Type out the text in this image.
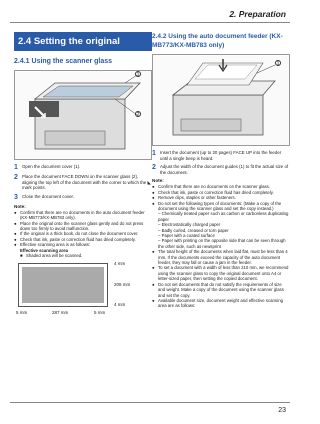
2. Preparation
2.4 Setting the original
2.4.1 Using the scanner glass
1
2
1 Open the document cover (1).
2 Place the document FACE DOWN on the scanner glass (2), aligning the top left of the document with the corner to which the ◣ mark points.
3 Close the document cover.
Note:
● Confirm that there are no documents in the auto document feeder (KX-MB773/KX-MB783 only).
● Place the original onto the scanner glass gently and do not press down too firmly to avoid malfunction.
● If the original is a thick book, do not close the document cover.
● Check that ink, paste or correction fluid has dried completely.
● Effective scanning area is as follows:
Effective scanning area
■ Shaded area will be scanned.
4 mm
208 mm
4 mm
5 mm	287 mm	5 mm
2.4.2 Using the auto document feeder (KX-MB773/KX-MB783 only)
1
1 Insert the document (up to 20 pages) FACE UP into the feeder until a single beep is heard.
2 Adjust the width of the document guides (1) to fit the actual size of the document.
Note:
● Confirm that there are no documents on the scanner glass.
● Check that ink, paste or correction fluid has dried completely.
● Remove clips, staples or other fasteners.
● Do not set the following types of documents: (Make a copy of the document using the scanner glass and set the copy instead.)
– Chemically treated paper such as carbon or carbonless duplicating paper
– Electrostatically charged paper
– Badly curled, creased or torn paper
– Paper with a coated surface
– Paper with printing on the opposite side that can be seen through the other side, such as newsprint
● The total height of the documents when laid flat, must be less than 4 mm. If the documents exceed the capacity of the auto document feeder, they may fall or cause a jam in the feeder.
● To set a document with a width of less than 210 mm, we recommend using the scanner glass to copy the original document onto A4 or letter-sized paper, then setting the copied document.
● Do not set documents that do not satisfy the requirements of size and weight. Make a copy of the document using the scanner glass and set the copy.
● Available document size, document weight and effective scanning area are as follows:
23
